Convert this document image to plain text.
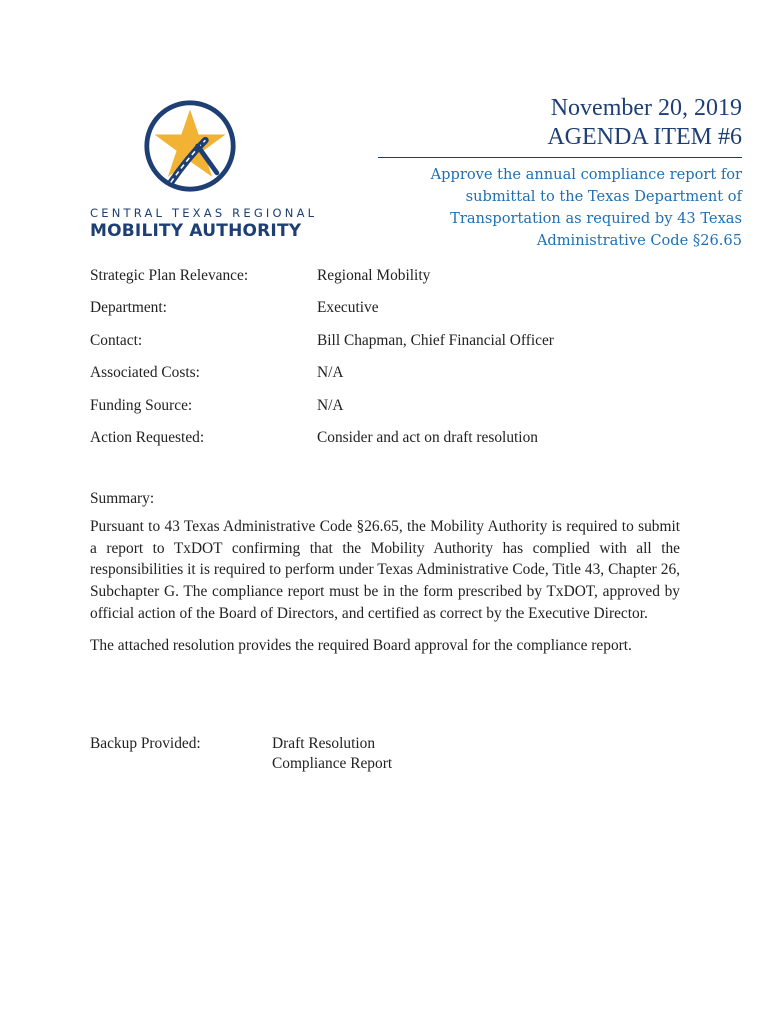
CENTRAL TEXAS REGIONAL
MOBILITY AUTHORITY
November 20, 2019
AGENDA ITEM #6
Approve the annual compliance report for
submittal to the Texas Department of
Transportation as required by 43 Texas
Administrative Code §26.65
Strategic Plan Relevance:	Regional Mobility
Department:	Executive
Contact:	Bill Chapman, Chief Financial Officer
Associated Costs:	N/A
Funding Source:	N/A
Action Requested:	Consider and act on draft resolution
Summary:

Pursuant to 43 Texas Administrative Code §26.65, the Mobility Authority is required to submit a report to TxDOT confirming that the Mobility Authority has complied with all the responsibilities it is required to perform under Texas Administrative Code, Title 43, Chapter 26, Subchapter G. The compliance report must be in the form prescribed by TxDOT, approved by official action of the Board of Directors, and certified as correct by the Executive Director.

The attached resolution provides the required Board approval for the compliance report.

Backup Provided:	Draft Resolution
Compliance Report
